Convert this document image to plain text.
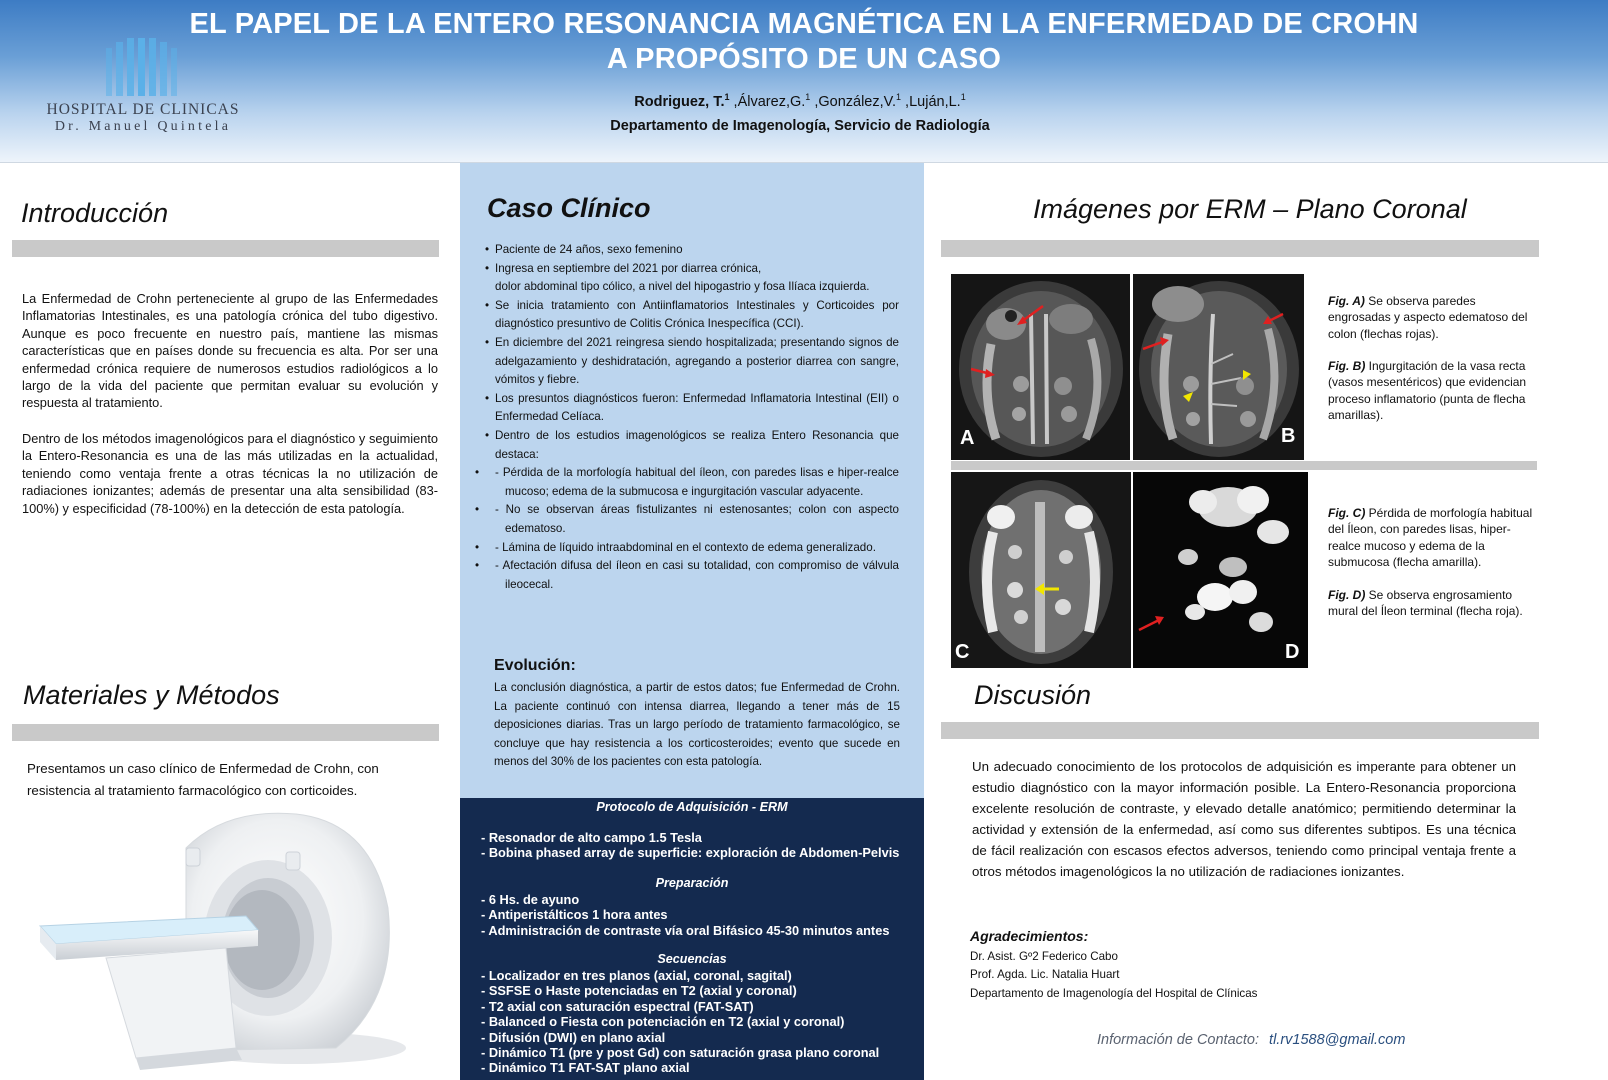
HOSPITAL DE CLINICAS
Dr. Manuel Quintela
EL PAPEL DE LA ENTERO RESONANCIA MAGNÉTICA EN LA ENFERMEDAD DE CROHN
A PROPÓSITO DE UN CASO
Rodriguez, T.$^1$ ,Álvarez,G.$^1$ ,González,V.$^1$ ,Luján,L.$^1$
Departamento de Imagenología, Servicio de Radiología
Introducción
La Enfermedad de Crohn perteneciente al grupo de las Enfermedades Inflamatorias Intestinales, es una patología crónica del tubo digestivo. Aunque es poco frecuente en nuestro país, mantiene las mismas características que en países donde su frecuencia es alta. Por ser una enfermedad crónica requiere de numerosos estudios radiológicos a lo largo de la vida del paciente que permitan evaluar su evolución y respuesta al tratamiento.
Dentro de los métodos imagenológicos para el diagnóstico y seguimiento la Entero-Resonancia es una de las más utilizadas en la actualidad, teniendo como ventaja frente a otras técnicas la no utilización de radiaciones ionizantes; además de presentar una alta sensibilidad (83-100%) y especificidad (78-100%) en la detección de esta patología.
Materiales y Métodos
Presentamos un caso clínico de Enfermedad de Crohn, con resistencia al tratamiento farmacológico con corticoides.
Caso Clínico
• Paciente de 24 años, sexo femenino
• Ingresa en septiembre del 2021 por diarrea crónica,
dolor abdominal tipo cólico, a nivel del hipogastrio y fosa Ilíaca izquierda.
• Se inicia tratamiento con Antiinflamatorios Intestinales y Corticoides por diagnóstico presuntivo de Colitis Crónica Inespecífica (CCI).
• En diciembre del 2021 reingresa siendo hospitalizada; presentando signos de adelgazamiento y deshidratación, agregando a posterior diarrea con sangre, vómitos y fiebre.
• Los presuntos diagnósticos fueron: Enfermedad Inflamatoria Intestinal (EII) o Enfermedad Celíaca.
• Dentro de los estudios imagenológicos se realiza Entero Resonancia que destaca:
• - Pérdida de la morfología habitual del íleon, con paredes lisas e hiper-realce mucoso; edema de la submucosa e ingurgitación vascular adyacente.
• - No se observan áreas fistulizantes ni estenosantes; colon con aspecto edematoso.
• - Lámina de líquido intraabdominal en el contexto de edema generalizado.
• - Afectación difusa del íleon en casi su totalidad, con compromiso de válvula ileocecal.
Evolución:
La conclusión diagnóstica, a partir de estos datos; fue Enfermedad de Crohn. La paciente continuó con intensa diarrea, llegando a tener más de 15 deposiciones diarias. Tras un largo período de tratamiento farmacológico, se concluye que hay resistencia a los corticosteroides; evento que sucede en menos del 30% de los pacientes con esta patología.
Protocolo de Adquisición - ERM
- Resonador de alto campo 1.5 Tesla
- Bobina phased array de superficie: exploración de Abdomen-Pelvis
Preparación
- 6 Hs. de ayuno
- Antiperistálticos 1 hora antes
- Administración de contraste vía oral Bifásico 45-30 minutos antes
Secuencias
- Localizador en tres planos (axial, coronal, sagital)
- SSFSE o Haste potenciadas en T2 (axial y coronal)
- T2 axial con saturación espectral (FAT-SAT)
- Balanced o Fiesta con potenciación en T2 (axial y coronal)
- Difusión (DWI) en plano axial
- Dinámico T1 (pre y post Gd) con saturación grasa plano coronal
- Dinámico T1 FAT-SAT plano axial
Imágenes por ERM – Plano Coronal
A	B
C	D
Fig. A) Se observa paredes engrosadas y aspecto edematoso del colon (flechas rojas).
Fig. B) Ingurgitación de la vasa recta (vasos mesentéricos) que evidencian proceso inflamatorio (punta de flecha amarillas).
Fig. C) Pérdida de morfología habitual del Íleon, con paredes lisas, hiper-realce mucoso y edema de la submucosa (flecha amarilla).
Fig. D) Se observa engrosamiento mural del Íleon terminal (flecha roja).
Discusión
Un adecuado conocimiento de los protocolos de adquisición es imperante para obtener un estudio diagnóstico con la mayor información posible. La Entero-Resonancia proporciona excelente resolución de contraste, y elevado detalle anatómico; permitiendo determinar la actividad y extensión de la enfermedad, así como sus diferentes subtipos. Es una técnica de fácil realización con escasos efectos adversos, teniendo como principal ventaja frente a otros métodos imagenológicos la no utilización de radiaciones ionizantes.
Agradecimientos:
Dr. Asist. Gº2 Federico Cabo
Prof. Agda. Lic. Natalia Huart
Departamento de Imagenología del Hospital de Clínicas
Información de Contacto: tl.rv1588@gmail.com
